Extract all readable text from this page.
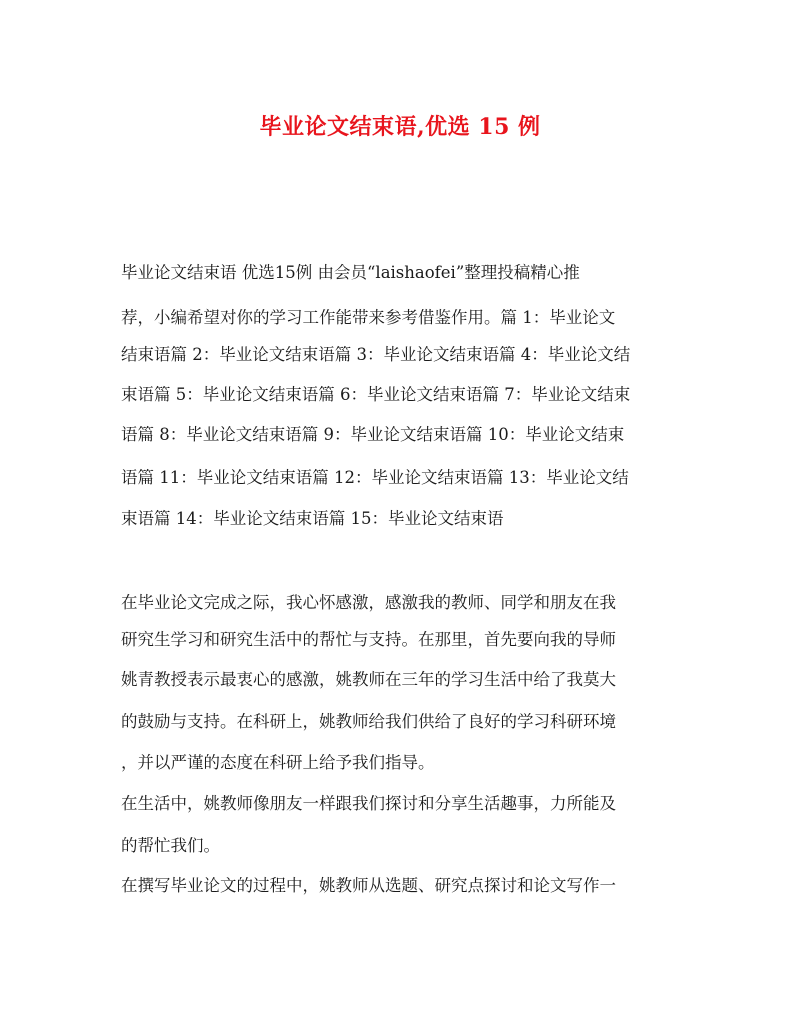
毕业论文结束语,优选 15 例
毕业论文结束语 优选15例 由会员“laishaofei”整理投稿精心推
荐，小编希望对你的学习工作能带来参考借鉴作用。篇 1：毕业论文
结束语篇 2：毕业论文结束语篇 3：毕业论文结束语篇 4：毕业论文结
束语篇 5：毕业论文结束语篇 6：毕业论文结束语篇 7：毕业论文结束
语篇 8：毕业论文结束语篇 9：毕业论文结束语篇 10：毕业论文结束
语篇 11：毕业论文结束语篇 12：毕业论文结束语篇 13：毕业论文结
束语篇 14：毕业论文结束语篇 15：毕业论文结束语
在毕业论文完成之际，我心怀感激，感激我的教师、同学和朋友在我
研究生学习和研究生活中的帮忙与支持。在那里，首先要向我的导师
姚青教授表示最衷心的感激，姚教师在三年的学习生活中给了我莫大
的鼓励与支持。在科研上，姚教师给我们供给了良好的学习科研环境
，并以严谨的态度在科研上给予我们指导。
在生活中，姚教师像朋友一样跟我们探讨和分享生活趣事，力所能及
的帮忙我们。
在撰写毕业论文的过程中，姚教师从选题、研究点探讨和论文写作一
